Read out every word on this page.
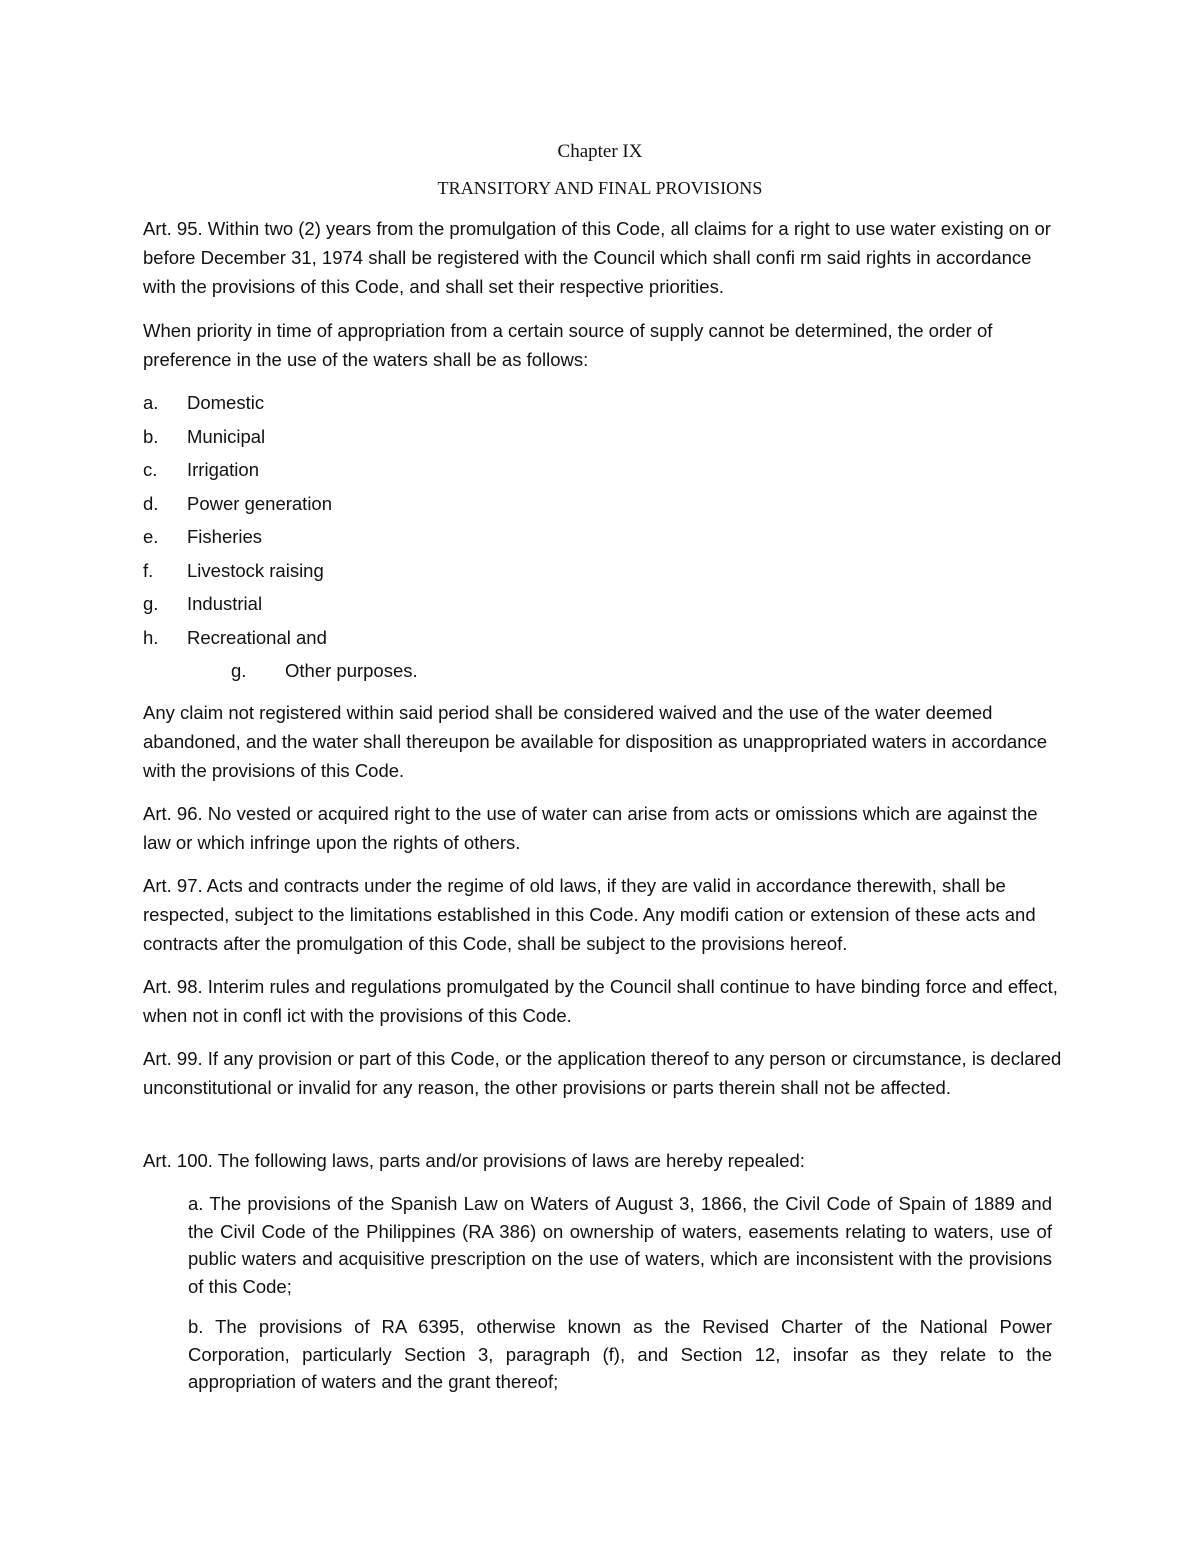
Chapter IX
TRANSITORY AND FINAL PROVISIONS

Art. 95. Within two (2) years from the promulgation of this Code, all claims for a right to use water existing on or before December 31, 1974 shall be registered with the Council which shall conﬁ rm said rights in accordance with the provisions of this Code, and shall set their respective priorities.

When priority in time of appropriation from a certain source of supply cannot be determined, the order of preference in the use of the waters shall be as follows:

a.	Domestic
b.	Municipal
c.	Irrigation
d.	Power generation
e.	Fisheries
f.	Livestock raising
g.	Industrial
h.	Recreational and
g.	Other purposes.

Any claim not registered within said period shall be considered waived and the use of the water deemed abandoned, and the water shall thereupon be available for disposition as unappropriated waters in accordance with the provisions of this Code.

Art. 96. No vested or acquired right to the use of water can arise from acts or omissions which are against the law or which infringe upon the rights of others.

Art. 97. Acts and contracts under the regime of old laws, if they are valid in accordance therewith, shall be respected, subject to the limitations established in this Code. Any modiﬁ cation or extension of these acts and contracts after the promulgation of this Code, shall be subject to the provisions hereof.

Art. 98. Interim rules and regulations promulgated by the Council shall continue to have binding force and effect, when not in conﬂ ict with the provisions of this Code.

Art. 99. If any provision or part of this Code, or the application thereof to any person or circumstance, is declared unconstitutional or invalid for any reason, the other provisions or parts therein shall not be affected.

Art. 100. The following laws, parts and/or provisions of laws are hereby repealed:

a. The provisions of the Spanish Law on Waters of August 3, 1866, the Civil Code of Spain of 1889 and the Civil Code of the Philippines (RA 386) on ownership of waters, easements relating to waters, use of public waters and acquisitive prescription on the use of waters, which are inconsistent with the provisions of this Code;

b. The provisions of RA 6395, otherwise known as the Revised Charter of the National Power Corporation, particularly Section 3, paragraph (f), and Section 12, insofar as they relate to the appropriation of waters and the grant thereof;
